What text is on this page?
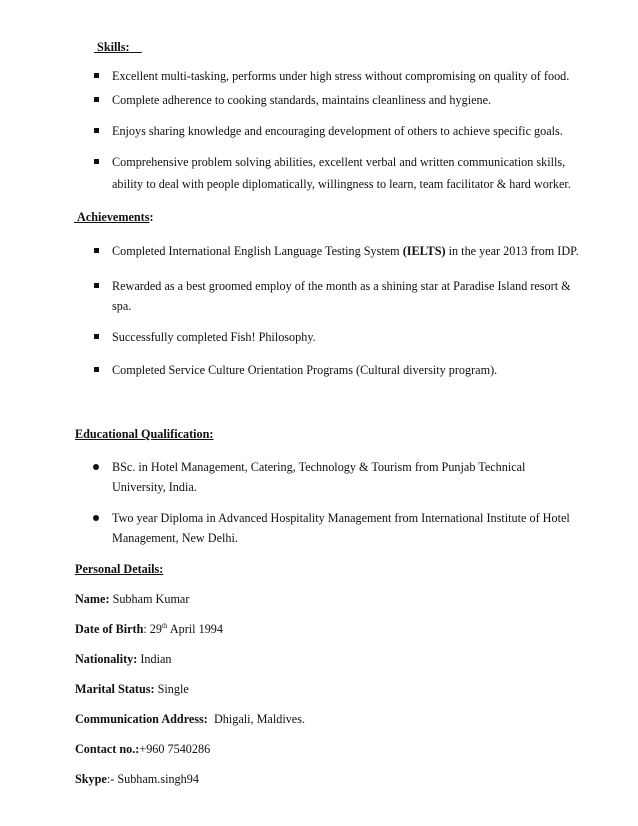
Skills:
Excellent multi-tasking, performs under high stress without compromising on quality of food.
Complete adherence to cooking standards, maintains cleanliness and hygiene.
Enjoys sharing knowledge and encouraging development of others to achieve specific goals.
Comprehensive problem solving abilities, excellent verbal and written communication skills,
ability to deal with people diplomatically, willingness to learn, team facilitator & hard worker.
Achievements:
Completed International English Language Testing System (IELTS) in the year 2013 from IDP.
Rewarded as a best groomed employ of the month as a shining star at Paradise Island resort &
spa.
Successfully completed Fish! Philosophy.
Completed Service Culture Orientation Programs (Cultural diversity program).
Educational Qualification:
BSc. in Hotel Management, Catering, Technology & Tourism from Punjab Technical
University, India.
Two year Diploma in Advanced Hospitality Management from International Institute of Hotel
Management, New Delhi.
Personal Details:
Name: Subham Kumar
Date of Birth: 29th April 1994
Nationality: Indian
Marital Status: Single
Communication Address:  Dhigali, Maldives.
Contact no.:+960 7540286
Skype:- Subham.singh94
